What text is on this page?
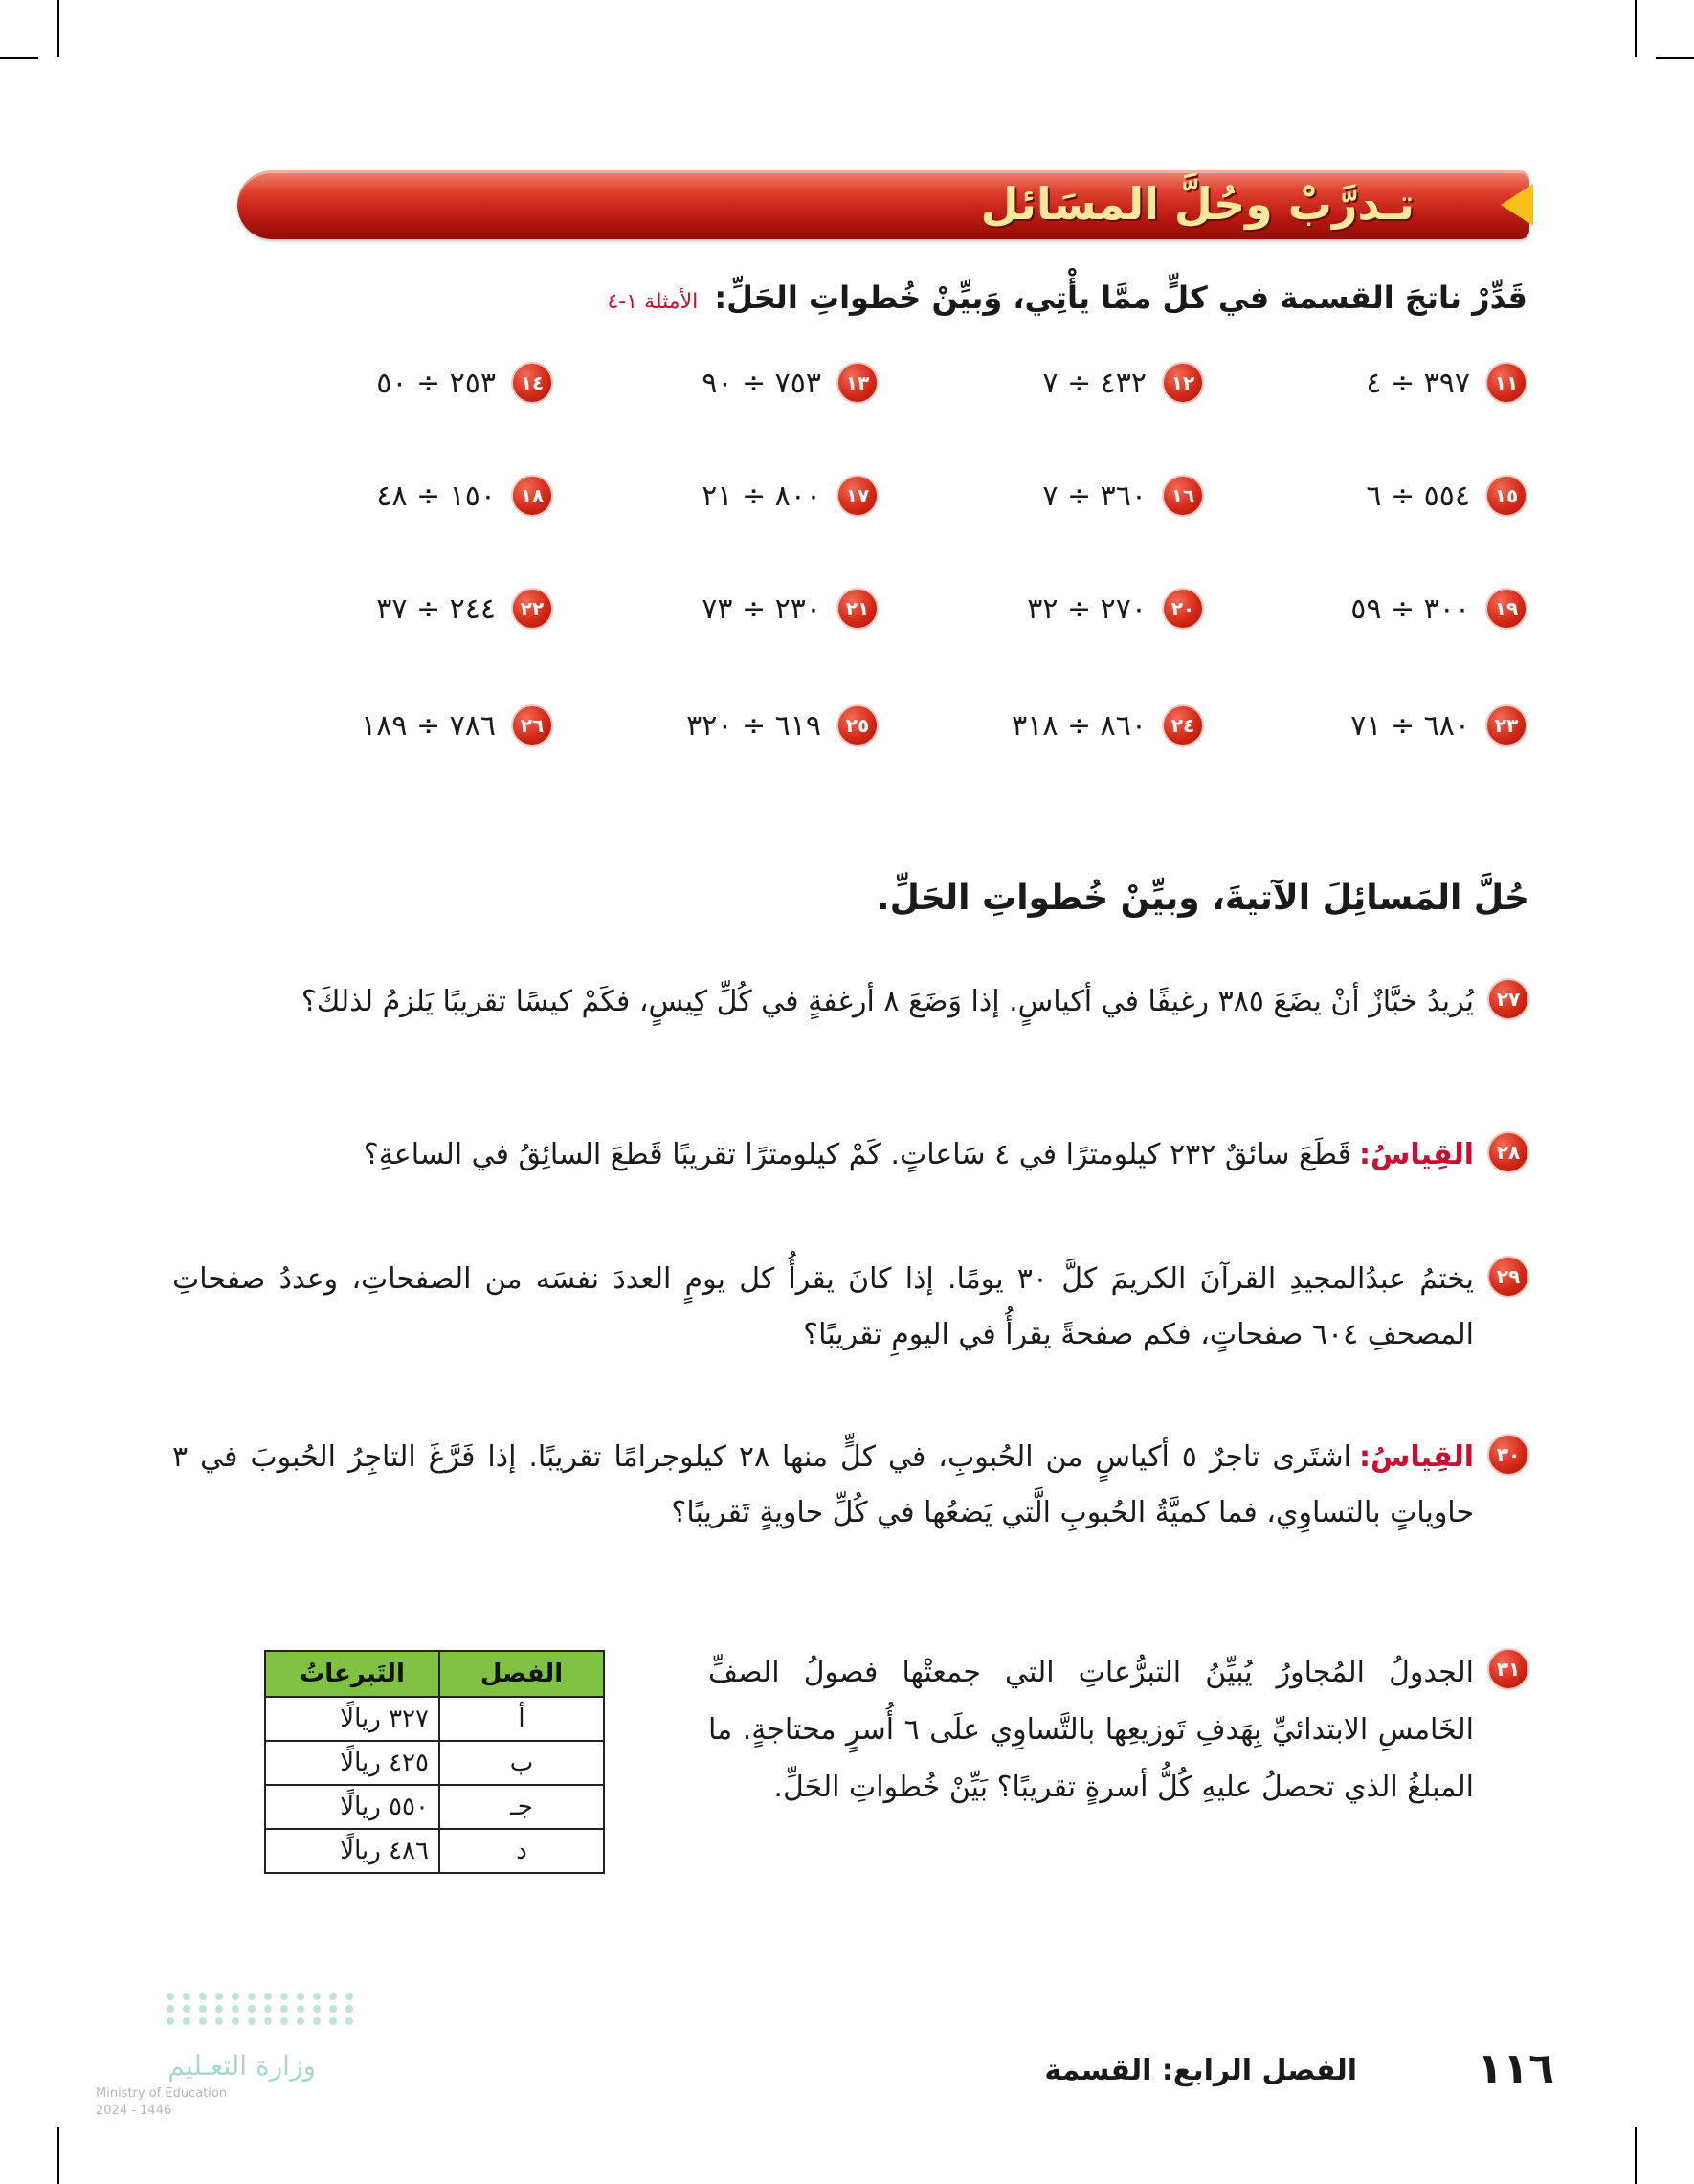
تـدرَّبْ وحُلَّ المسَائل
قَدِّرْ ناتجَ القسمة في كلٍّ ممَّا يأْتِي، وَبيِّنْ خُطواتِ الحَلِّ: الأمثلة ١-٤
١١
٣٩٧ ÷ ٤
١٢
٤٣٢ ÷ ٧
١٣
٧٥٣ ÷ ٩٠
١٤
٢٥٣ ÷ ٥٠
١٥
٥٥٤ ÷ ٦
١٦
٣٦٠ ÷ ٧
١٧
٨٠٠ ÷ ٢١
١٨
١٥٠ ÷ ٤٨
١٩
٣٠٠ ÷ ٥٩
٢٠
٢٧٠ ÷ ٣٢
٢١
٢٣٠ ÷ ٧٣
٢٢
٢٤٤ ÷ ٣٧
٢٣
٦٨٠ ÷ ٧١
٢٤
٨٦٠ ÷ ٣١٨
٢٥
٦١٩ ÷ ٣٢٠
٢٦
٧٨٦ ÷ ١٨٩
حُلَّ المَسائِلَ الآتيةَ، وبيِّنْ خُطواتِ الحَلِّ.
٢٧
يُريدُ خبَّازٌ أنْ يضَعَ ٣٨٥ رغيفًا في أكياسٍ. إذا وَضَعَ ٨ أرغفةٍ في كُلِّ كِيسٍ، فكَمْ كيسًا تقريبًا يَلزمُ لذلكَ؟
٢٨
القِياسُ:قَطَعَ سائقٌ ٢٣٢ كيلومترًا في ٤ سَاعاتٍ. كَمْ كيلومترًا تقريبًا قَطعَ السائِقُ في الساعةِ؟
٢٩
يختمُ عبدُالمجيدِ القرآنَ الكريمَ كلَّ ٣٠ يومًا. إذا كانَ يقرأُ كل يومٍ العددَ نفسَه من الصفحاتِ، وعددُ صفحاتِ المصحفِ ٦٠٤ صفحاتٍ، فكم صفحةً يقرأُ في اليومِ تقريبًا؟
٣٠
القِياسُ:اشتَرى تاجرٌ ٥ أكياسٍ من الحُبوبِ، في كلٍّ منها ٢٨ كيلوجرامًا تقريبًا. إذا فَرَّغَ التاجِرُ الحُبوبَ في ٣ حاوياتٍ بالتساوِي، فما كميَّةُ الحُبوبِ الَّتي يَضعُها في كُلِّ حاويةٍ تَقريبًا؟
٣١
الجدولُ المُجاورُ يُبيِّنُ التبرُّعاتِ التي جمعتْها فصولُ الصفِّ الخَامسِ الابتدائيِّ بِهَدفِ تَوزيعِها بالتَّساوِي علَى ٦ أُسرٍ محتاجةٍ. ما المبلغُ الذي تحصلُ عليهِ كُلُّ أسرةٍ تقريبًا؟ بَيِّنْ خُطواتِ الحَلِّ.
الفصل	التَبرعاتُ
أ	٣٢٧ ريالًا
ب	٤٢٥ ريالًا
جـ	٥٥٠ ريالًا
د	٤٨٦ ريالًا
وزارة التعـليم
Ministry of Education
2024 - 1446
١١٦
الفصل الرابع: القسمة
